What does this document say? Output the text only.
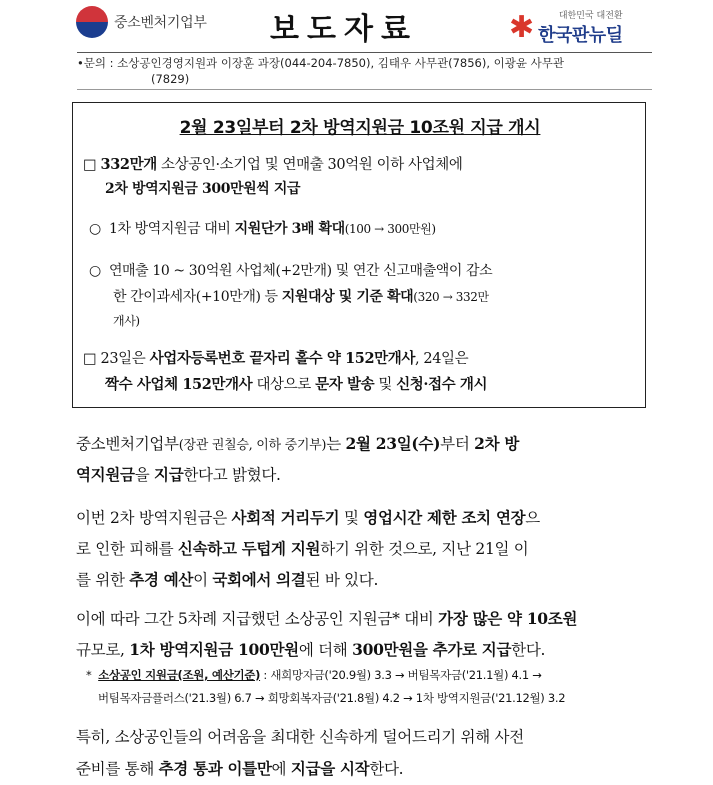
중소벤처기업부 보도자료	✱	대한민국 대전환
한국판뉴딜
•문의 : 소상공인경영지원과 이장훈 과장(044-204-7850), 김태우 사무관(7856), 이광윤 사무관
(7829)
2월 23일부터 2차 방역지원금 10조원 지급 개시
□ 332만개 소상공인·소기업 및 연매출 30억원 이하 사업체에
2차 방역지원금 300만원씩 지급
○ 1차 방역지원금 대비 지원단가 3배 확대(100 → 300만원)
○ 연매출 10 ~ 30억원 사업체(+2만개) 및 연간 신고매출액이 감소
한 간이과세자(+10만개) 등 지원대상 및 기준 확대(320 → 332만
개사)
□ 23일은 사업자등록번호 끝자리 홀수 약 152만개사, 24일은
짝수 사업체 152만개사 대상으로 문자 발송 및 신청·접수 개시
중소벤처기업부(장관 권칠승, 이하 중기부)는 2월 23일(수)부터 2차 방
역지원금을 지급한다고 밝혔다.
이번 2차 방역지원금은 사회적 거리두기 및 영업시간 제한 조치 연장으
로 인한 피해를 신속하고 두텁게 지원하기 위한 것으로, 지난 21일 이
를 위한 추경 예산이 국회에서 의결된 바 있다.
이에 따라 그간 5차례 지급했던 소상공인 지원금* 대비 가장 많은 약 10조원
규모로, 1차 방역지원금 100만원에 더해 300만원을 추가로 지급한다.
* 소상공인 지원금(조원, 예산기준) : 새희망자금('20.9월) 3.3 → 버팀목자금('21.1월) 4.1 →
버팀목자금플러스('21.3월) 6.7 → 희망회복자금('21.8월) 4.2 → 1차 방역지원금('21.12월) 3.2
특히, 소상공인들의 어려움을 최대한 신속하게 덜어드리기 위해 사전
준비를 통해 추경 통과 이틀만에 지급을 시작한다.
